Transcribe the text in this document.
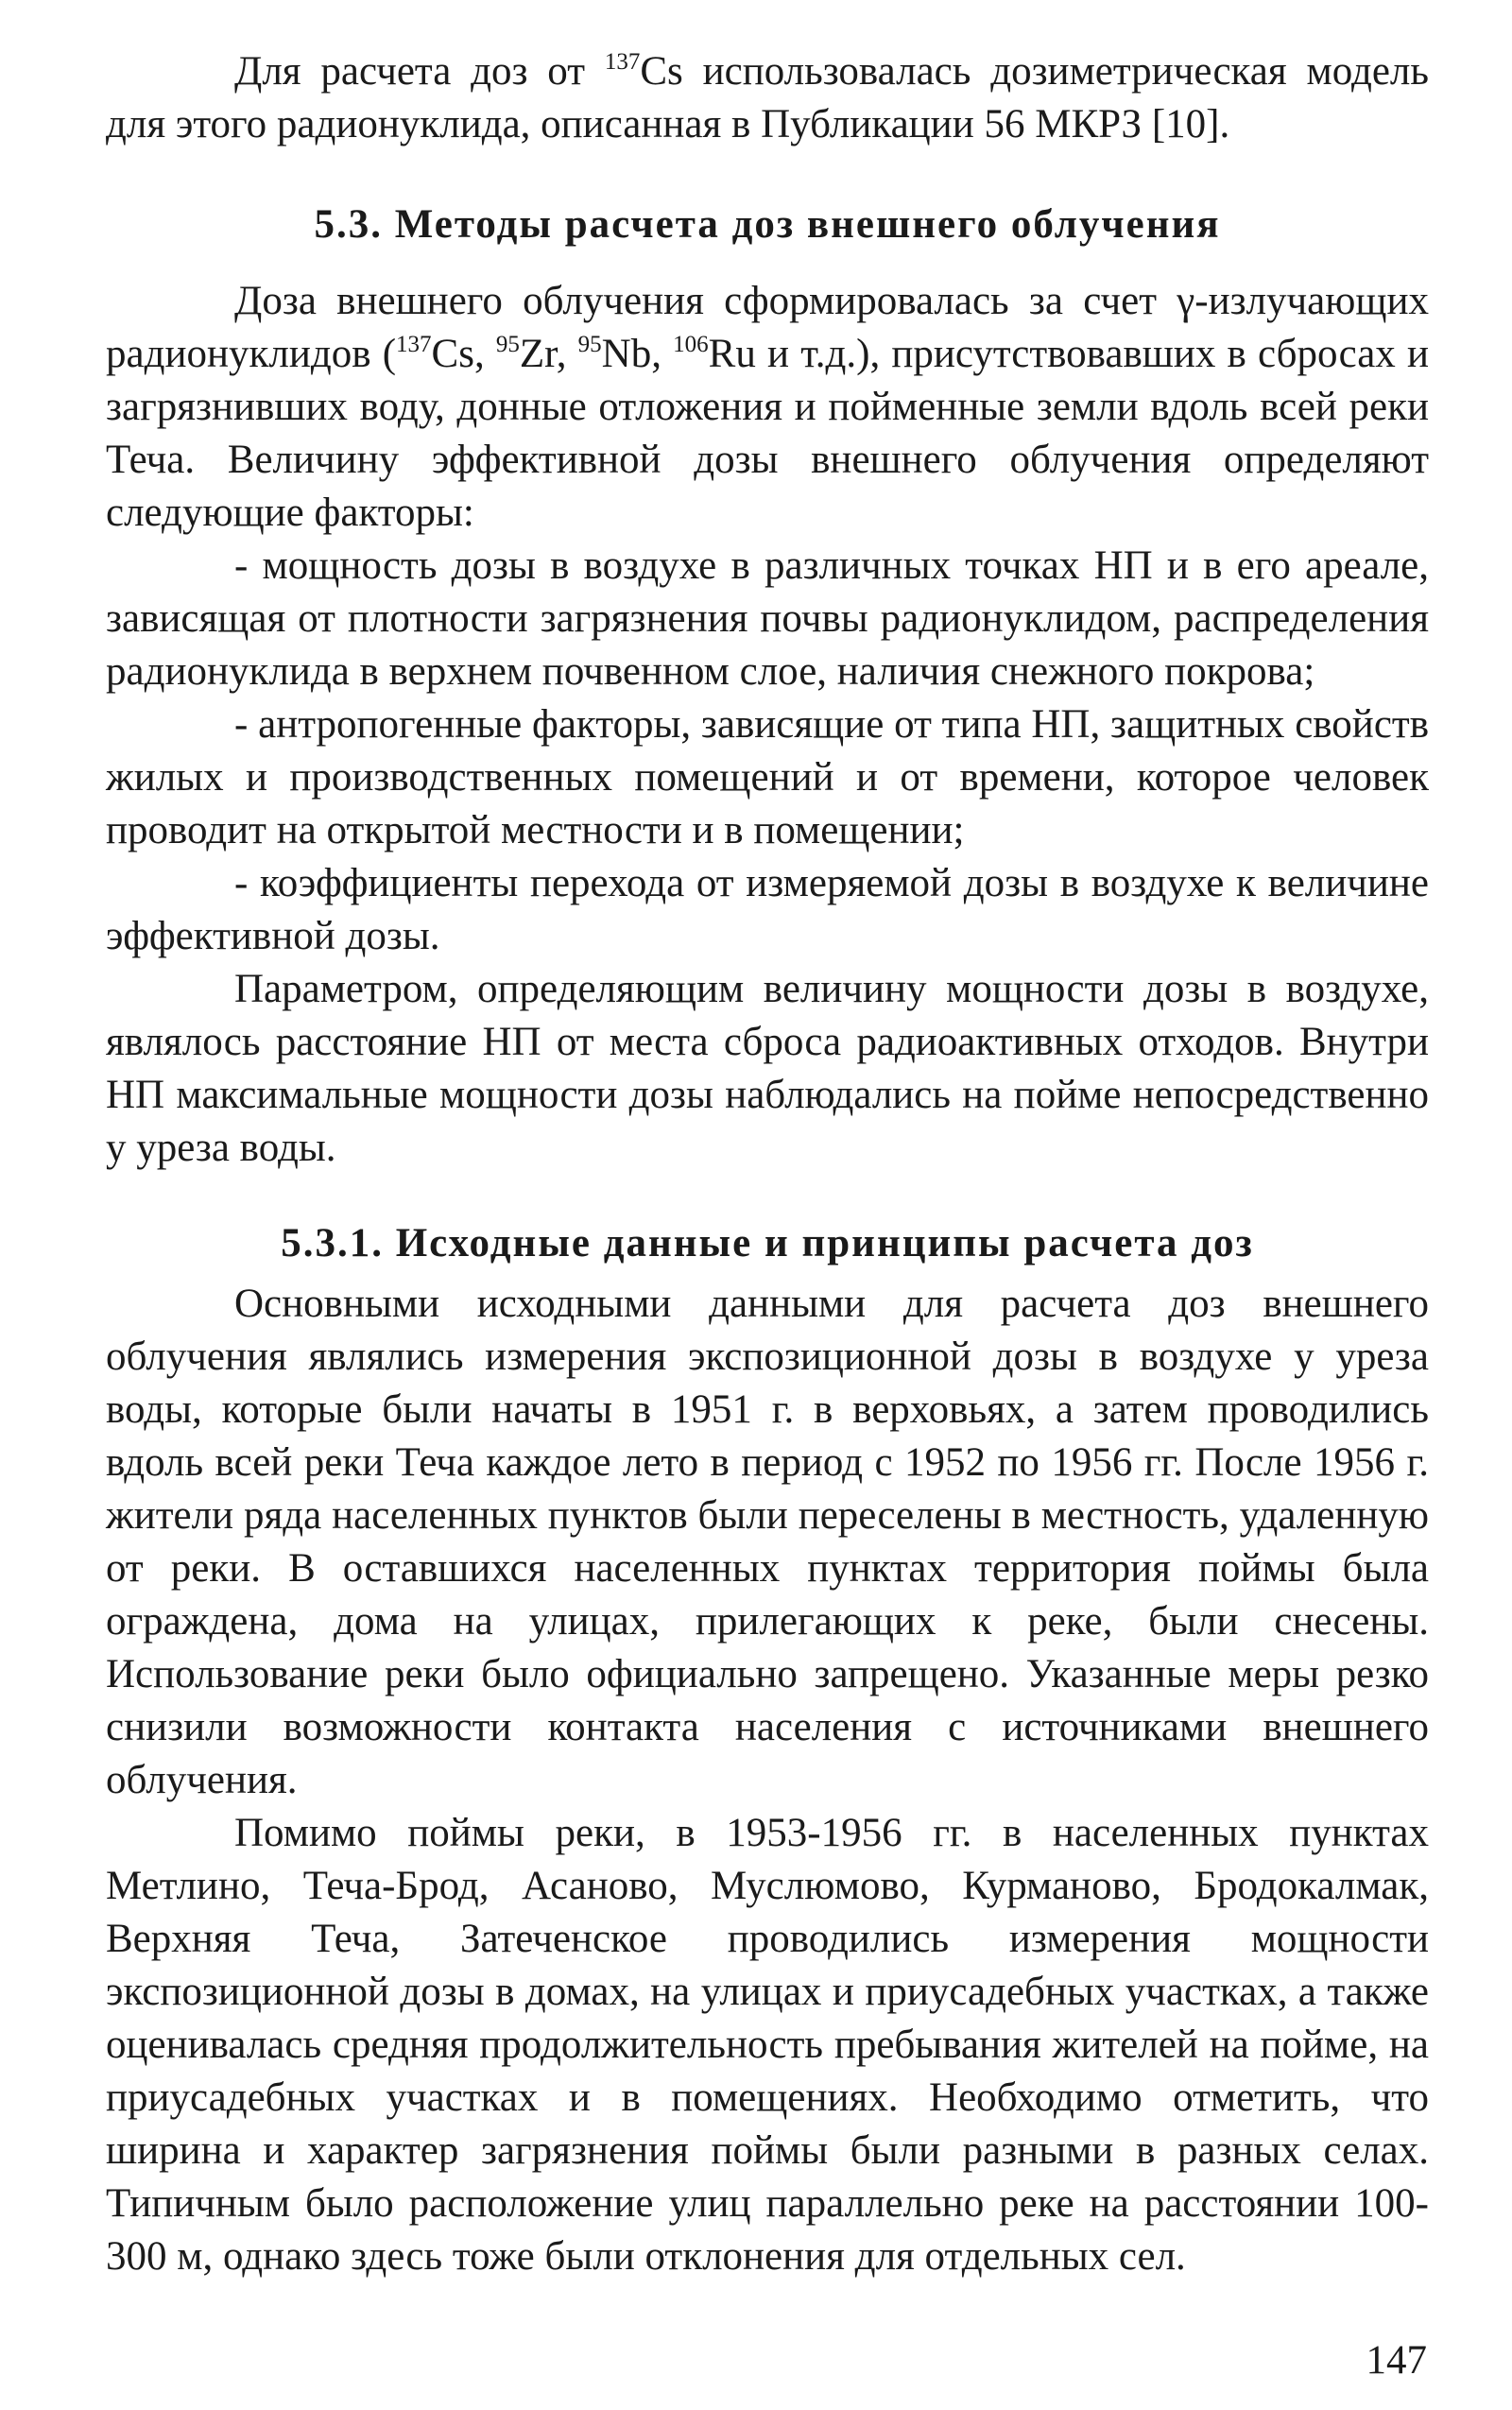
Для расчета доз от $^{137}$Cs использовалась дозиметрическая модель для этого радионуклида, описанная в Публикации 56 МКРЗ [10].

5.3. Методы расчета доз внешнего облучения

Доза внешнего облучения сформировалась за счет γ-излучающих радионуклидов ($^{137}$Cs, $^{95}$Zr, $^{95}$Nb, $^{106}$Ru и т.д.), присутствовавших в сбросах и загрязнивших воду, донные отложения и пойменные земли вдоль всей реки Теча. Величину эффективной дозы внешнего облучения определяют следующие факторы:

- мощность дозы в воздухе в различных точках НП и в его ареале, зависящая от плотности загрязнения почвы радионуклидом, распределения радионуклида в верхнем почвенном слое, наличия снежного покрова;

- антропогенные факторы, зависящие от типа НП, защитных свойств жилых и производственных помещений и от времени, которое человек проводит на открытой местности и в помещении;

- коэффициенты перехода от измеряемой дозы в воздухе к величине эффективной дозы.

Параметром, определяющим величину мощности дозы в воздухе, являлось расстояние НП от места сброса радиоактивных отходов. Внутри НП максимальные мощности дозы наблюдались на пойме непосредственно у уреза воды.

5.3.1. Исходные данные и принципы расчета доз

Основными исходными данными для расчета доз внешнего облучения являлись измерения экспозиционной дозы в воздухе у уреза воды, которые были начаты в 1951 г. в верховьях, а затем проводились вдоль всей реки Теча каждое лето в период с 1952 по 1956 гг. После 1956 г. жители ряда населенных пунктов были переселены в местность, удаленную от реки. В оставшихся населенных пунктах территория поймы была ограждена, дома на улицах, прилегающих к реке, были снесены. Использование реки было официально запрещено. Указанные меры резко снизили возможности контакта населения с источниками внешнего облучения.

Помимо поймы реки, в 1953-1956 гг. в населенных пунктах Метлино, Теча-Брод, Асаново, Муслюмово, Курманово, Бродокалмак, Верхняя Теча, Затеченское проводились измерения мощности экспозиционной дозы в домах, на улицах и приусадебных участках, а также оценивалась средняя продолжительность пребывания жителей на пойме, на приусадебных участках и в помещениях. Необходимо отметить, что ширина и характер загрязнения поймы были разными в разных селах. Типичным было расположение улиц параллельно реке на расстоянии 100-300 м, однако здесь тоже были отклонения для отдельных сел.

147
